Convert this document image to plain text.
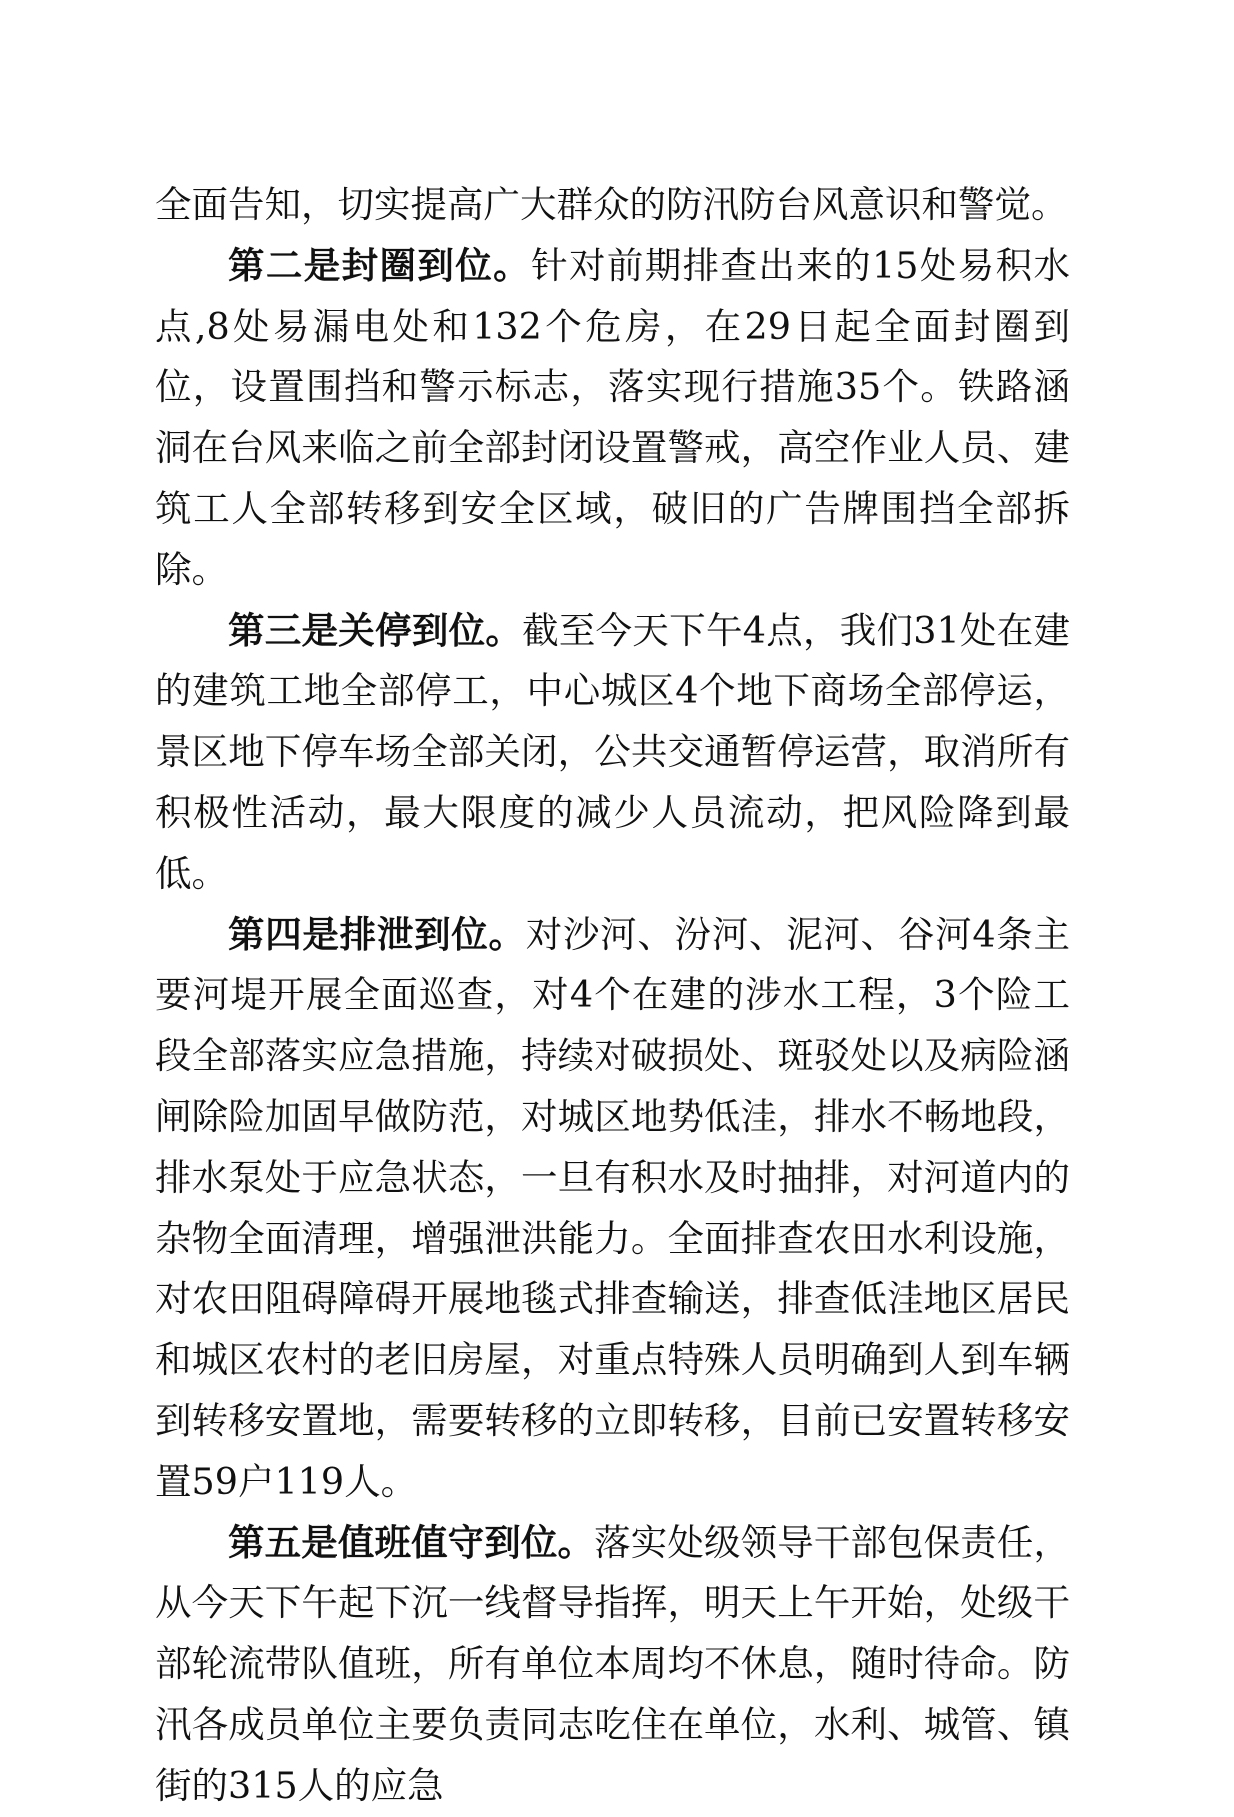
全面告知，切实提高广大群众的防汛防台风意识和警觉。

第二是封圈到位。针对前期排查出来的15处易积水点,8处易漏电处和132个危房，在29日起全面封圈到位，设置围挡和警示标志，落实现行措施35个。铁路涵洞在台风来临之前全部封闭设置警戒，高空作业人员、建筑工人全部转移到安全区域，破旧的广告牌围挡全部拆除。

第三是关停到位。截至今天下午4点，我们31处在建的建筑工地全部停工，中心城区4个地下商场全部停运，景区地下停车场全部关闭，公共交通暂停运营，取消所有积极性活动，最大限度的减少人员流动，把风险降到最低。

第四是排泄到位。对沙河、汾河、泥河、谷河4条主要河堤开展全面巡查，对4个在建的涉水工程，3个险工段全部落实应急措施，持续对破损处、斑驳处以及病险涵闸除险加固早做防范，对城区地势低洼，排水不畅地段，排水泵处于应急状态，一旦有积水及时抽排，对河道内的杂物全面清理，增强泄洪能力。全面排查农田水利设施，对农田阻碍障碍开展地毯式排查输送，排查低洼地区居民和城区农村的老旧房屋，对重点特殊人员明确到人到车辆到转移安置地，需要转移的立即转移，目前已安置转移安置59户119人。

第五是值班值守到位。落实处级领导干部包保责任，从今天下午起下沉一线督导指挥，明天上午开始，处级干部轮流带队值班，所有单位本周均不休息，随时待命。防汛各成员单位主要负责同志吃住在单位，水利、城管、镇街的315人的应急
